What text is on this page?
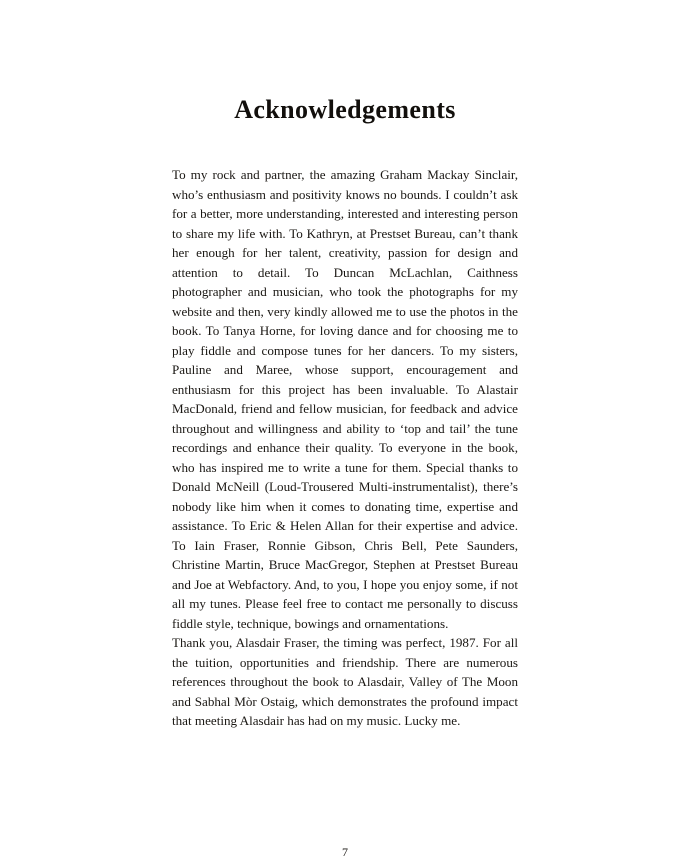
Acknowledgements

To my rock and partner, the amazing Graham Mackay Sinclair, who’s enthusiasm and positivity knows no bounds. I couldn’t ask for a better, more understanding, interested and interesting person to share my life with. To Kathryn, at Prestset Bureau, can’t thank her enough for her talent, creativity, passion for design and attention to detail. To Duncan McLachlan, Caithness photographer and musician, who took the photographs for my website and then, very kindly allowed me to use the photos in the book. To Tanya Horne, for loving dance and for choosing me to play fiddle and compose tunes for her dancers. To my sisters, Pauline and Maree, whose support, encouragement and enthusiasm for this project has been invaluable. To Alastair MacDonald, friend and fellow musician, for feedback and advice throughout and willingness and ability to ‘top and tail’ the tune recordings and enhance their quality. To everyone in the book, who has inspired me to write a tune for them. Special thanks to Donald McNeill (Loud-Trousered Multi-instrumentalist), there’s nobody like him when it comes to donating time, expertise and assistance. To Eric & Helen Allan for their expertise and advice. To Iain Fraser, Ronnie Gibson, Chris Bell, Pete Saunders, Christine Martin, Bruce MacGregor, Stephen at Prestset Bureau and Joe at Webfactory. And, to you, I hope you enjoy some, if not all my tunes. Please feel free to contact me personally to discuss fiddle style, technique, bowings and ornamentations.

Thank you, Alasdair Fraser, the timing was perfect, 1987. For all the tuition, opportunities and friendship. There are numerous references throughout the book to Alasdair, Valley of The Moon and Sabhal Mòr Ostaig, which demonstrates the profound impact that meeting Alasdair has had on my music. Lucky me.

7
